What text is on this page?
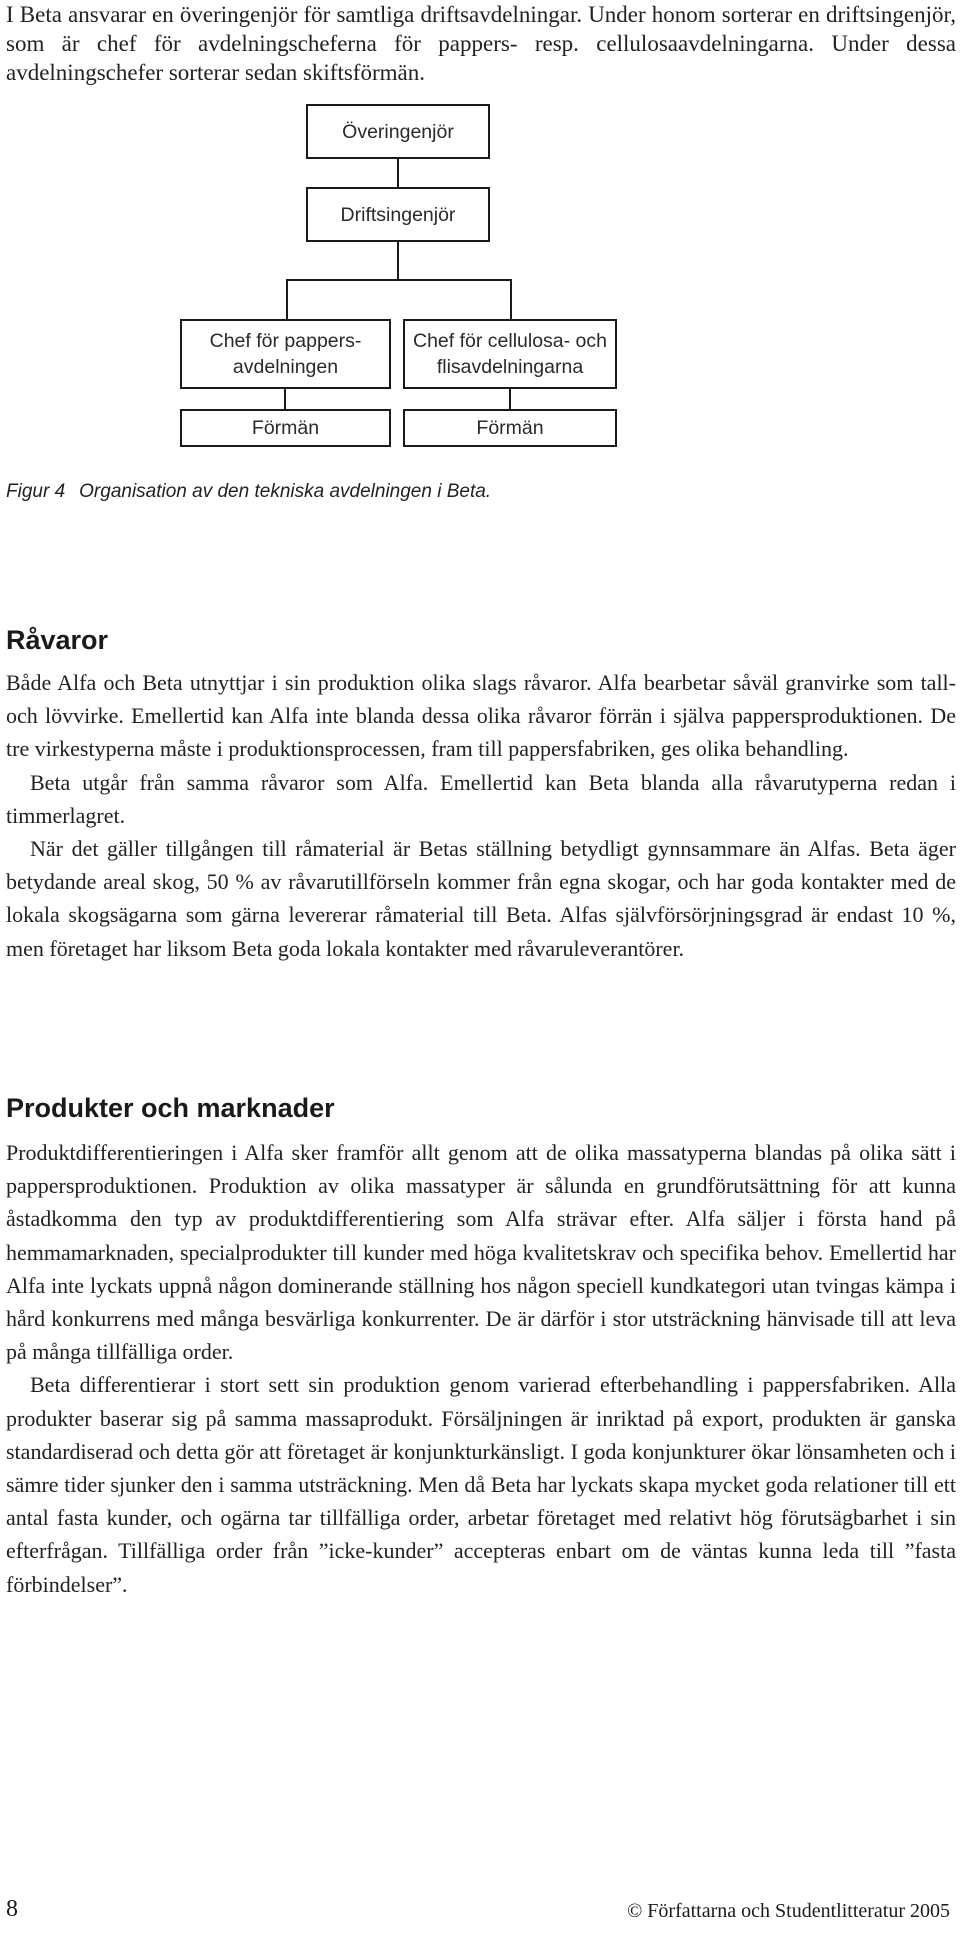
I Beta ansvarar en överingenjör för samtliga driftsavdelningar. Under honom sorterar en driftsingenjör, som är chef för avdelningscheferna för pappers- resp. cellulosaavdelningarna. Under dessa avdelningschefer sorterar sedan skiftsförmän.
Överingenjör
Driftsingenjör
Chef för pappers-
avdelningen
Chef för cellulosa- och
flisavdelningarna
Förmän	Förmän
Figur 4 Organisation av den tekniska avdelningen i Beta.
Råvaror

Både Alfa och Beta utnyttjar i sin produktion olika slags råvaror. Alfa bearbetar såväl granvirke som tall- och lövvirke. Emellertid kan Alfa inte blanda dessa olika råvaror förrän i själva pappersproduktionen. De tre virkestyperna måste i produktionsprocessen, fram till pappersfabriken, ges olika behandling.

Beta utgår från samma råvaror som Alfa. Emellertid kan Beta blanda alla råvarutyperna redan i timmerlagret.

När det gäller tillgången till råmaterial är Betas ställning betydligt gynnsammare än Alfas. Beta äger betydande areal skog, 50 % av råvarutillförseln kommer från egna skogar, och har goda kontakter med de lokala skogsägarna som gärna levererar råmaterial till Beta. Alfas självförsörjningsgrad är endast 10 %, men företaget har liksom Beta goda lokala kontakter med råvaruleverantörer.

Produkter och marknader

Produktdifferentieringen i Alfa sker framför allt genom att de olika massatyperna blandas på olika sätt i pappersproduktionen. Produktion av olika massatyper är sålunda en grundförutsättning för att kunna åstadkomma den typ av produktdifferentiering som Alfa strävar efter. Alfa säljer i första hand på hemmamarknaden, specialprodukter till kunder med höga kvalitetskrav och specifika behov. Emellertid har Alfa inte lyckats uppnå någon dominerande ställning hos någon speciell kundkategori utan tvingas kämpa i hård konkurrens med många besvärliga konkurrenter. De är därför i stor utsträckning hänvisade till att leva på många tillfälliga order.

Beta differentierar i stort sett sin produktion genom varierad efterbehandling i pappersfabriken. Alla produkter baserar sig på samma massaprodukt. Försäljningen är inriktad på export, produkten är ganska standardiserad och detta gör att företaget är konjunkturkänsligt. I goda konjunkturer ökar lönsamheten och i sämre tider sjunker den i samma utsträckning. Men då Beta har lyckats skapa mycket goda relationer till ett antal fasta kunder, och ogärna tar tillfälliga order, arbetar företaget med relativt hög förutsägbarhet i sin efterfrågan. Tillfälliga order från ”icke-kunder” accepteras enbart om de väntas kunna leda till ”fasta förbindelser”.

8	© Författarna och Studentlitteratur 2005
